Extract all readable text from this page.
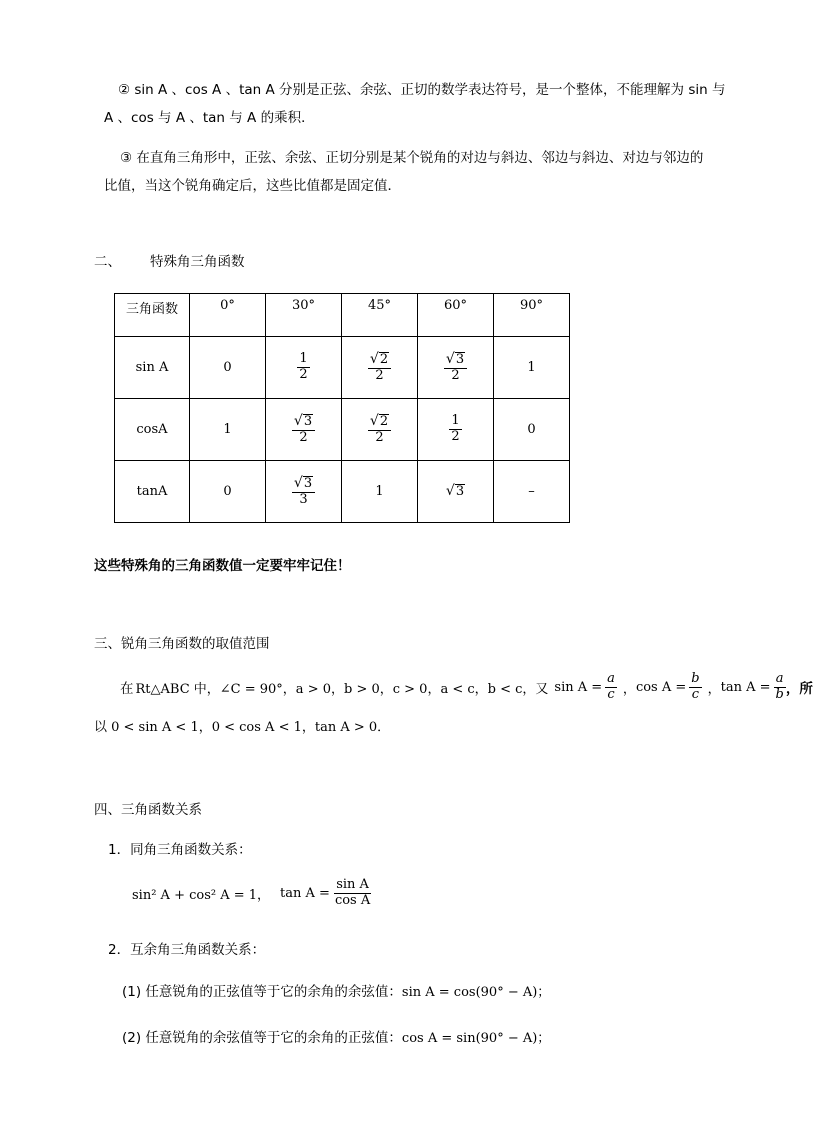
② sin A 、cos A 、tan A 分别是正弦、余弦、正切的数学表达符号，是一个整体，不能理解为 sin 与
A 、cos 与 A 、tan 与 A 的乘积．
③ 在直角三角形中，正弦、余弦、正切分别是某个锐角的对边与斜边、邻边与斜边、对边与邻边的
比值，当这个锐角确定后，这些比值都是固定值．
二、 特殊角三角函数
三角函数	0°	30°	45°	60°	90°
sin A	0	$\frac{1}{2}$	$\frac{√ 2}{2}$	$\frac{√ 3}{2}$	1
cosA	1	$\frac{√ 3}{2}$	$\frac{√ 2}{2}$	$\frac{1}{2}$	0
tanA	0	$\frac{√ 3}{3}$	1	√ 3	–
这些特殊角的三角函数值一定要牢牢记住！
三、锐角三角函数的取值范围
在 Rt△ABC 中，∠C = 90°，a > 0，b > 0，c > 0，a < c，b < c，又 $\sin A = \frac{a}{c}$ ， $\cos A = \frac{b}{c}$ ， $\tan A = \frac{a}{b}$ ，所
以 0 < sin A < 1，0 < cos A < 1，tan A > 0．
四、三角函数关系
1．同角三角函数关系：
sin² A + cos² A = 1， $\tan A = \frac{\text{sin A}}{\text{cos A}}$
2．互余角三角函数关系：
(1) 任意锐角的正弦值等于它的余角的余弦值： sin A = cos(90° − A)；
(2) 任意锐角的余弦值等于它的余角的正弦值： cos A = sin(90° − A)；
